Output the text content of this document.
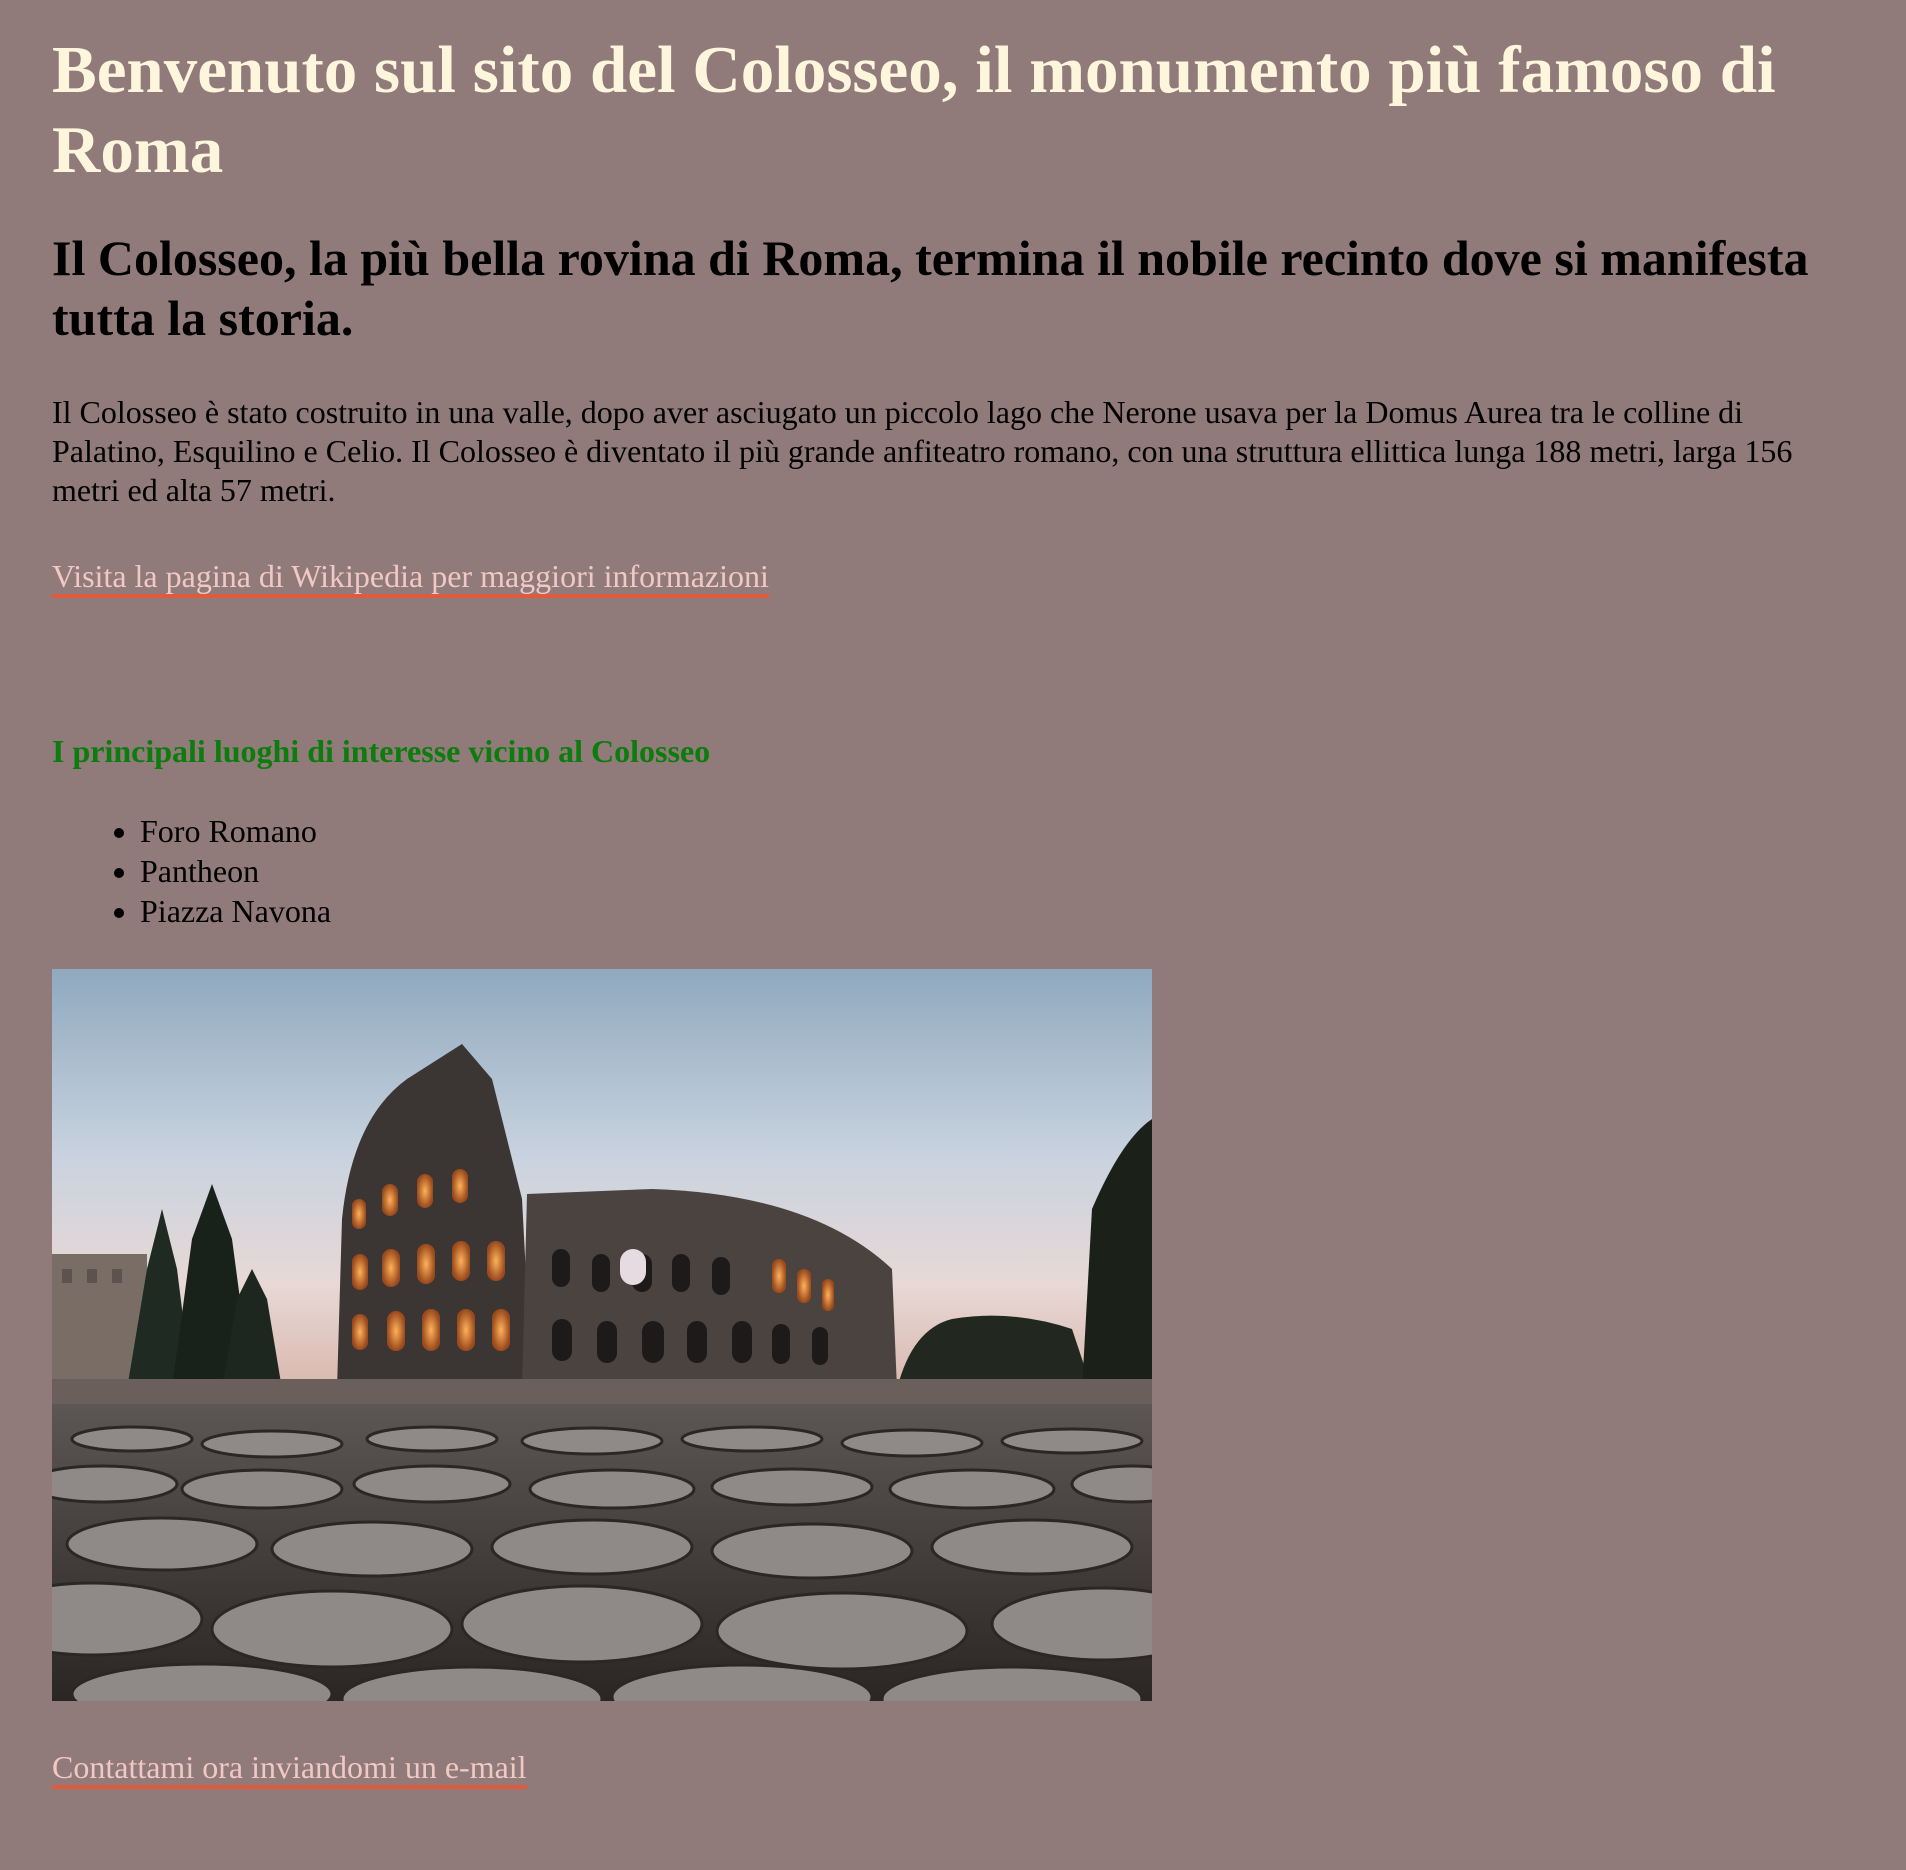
Benvenuto sul sito del Colosseo, il monumento più famoso di Roma
Il Colosseo, la più bella rovina di Roma, termina il nobile recinto dove si manifesta tutta la storia.

Il Colosseo è stato costruito in una valle, dopo aver asciugato un piccolo lago che Nerone usava per la Domus Aurea tra le colline di Palatino, Esquilino e Celio. Il Colosseo è diventato il più grande anfiteatro romano, con una struttura ellittica lunga 188 metri, larga 156 metri ed alta 57 metri.

Visita la pagina di Wikipedia per maggiori informazioni
I principali luoghi di interesse vicino al Colosseo
• Foro Romano
• Pantheon
• Piazza Navona
Contattami ora inviandomi un e-mail
